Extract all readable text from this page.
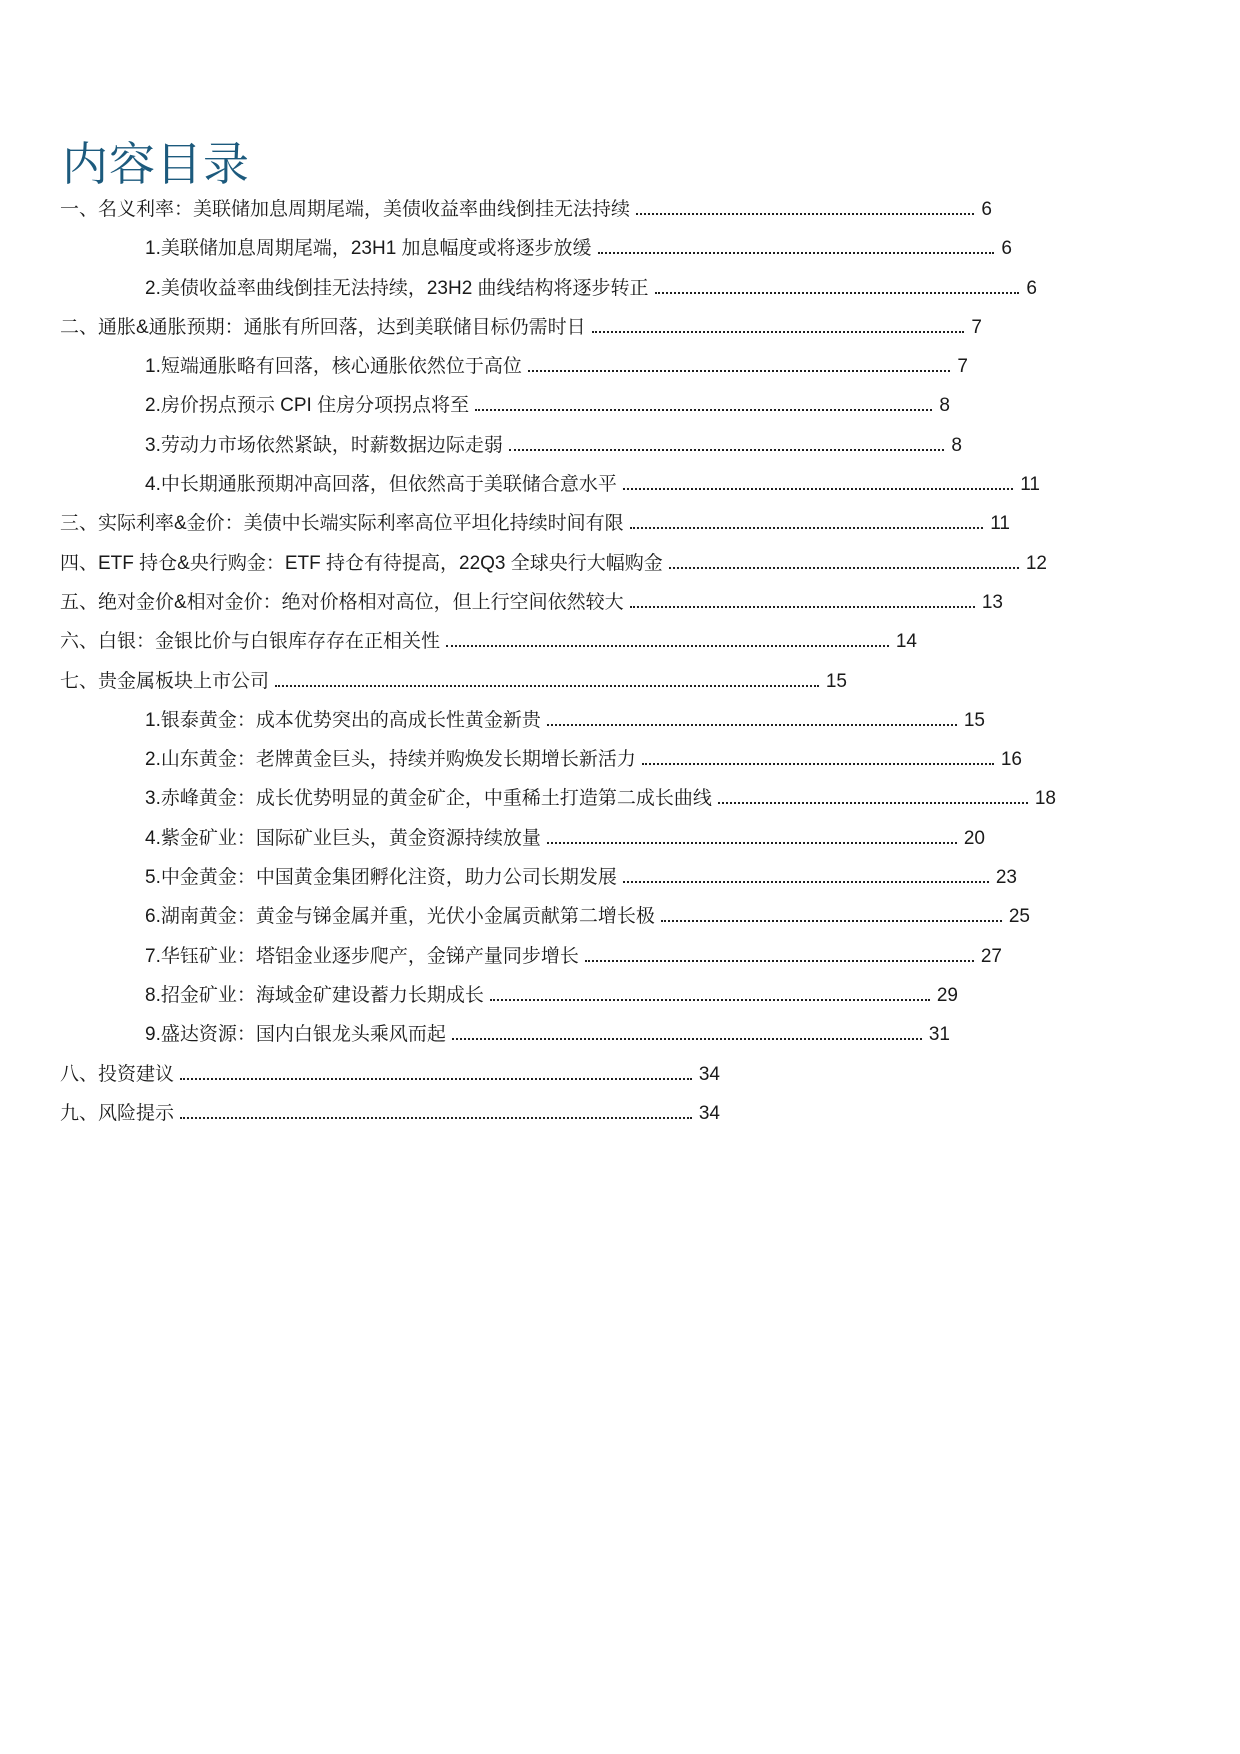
内容目录
一、名义利率：美联储加息周期尾端，美债收益率曲线倒挂无法持续	6
1.美联储加息周期尾端，23H1 加息幅度或将逐步放缓	6
2.美债收益率曲线倒挂无法持续，23H2 曲线结构将逐步转正	6
二、通胀&通胀预期：通胀有所回落，达到美联储目标仍需时日	7
1.短端通胀略有回落，核心通胀依然位于高位	7
2.房价拐点预示 CPI 住房分项拐点将至	8
3.劳动力市场依然紧缺，时薪数据边际走弱	8
4.中长期通胀预期冲高回落，但依然高于美联储合意水平	11
三、实际利率&金价：美债中长端实际利率高位平坦化持续时间有限	11
四、ETF 持仓&央行购金：ETF 持仓有待提高，22Q3 全球央行大幅购金	12
五、绝对金价&相对金价：绝对价格相对高位，但上行空间依然较大	13
六、白银：金银比价与白银库存存在正相关性	14
七、贵金属板块上市公司	15
1.银泰黄金：成本优势突出的高成长性黄金新贵	15
2.山东黄金：老牌黄金巨头，持续并购焕发长期增长新活力	16
3.赤峰黄金：成长优势明显的黄金矿企，中重稀土打造第二成长曲线	18
4.紫金矿业：国际矿业巨头，黄金资源持续放量	20
5.中金黄金：中国黄金集团孵化注资，助力公司长期发展	23
6.湖南黄金：黄金与锑金属并重，光伏小金属贡献第二增长极	25
7.华钰矿业：塔铝金业逐步爬产，金锑产量同步增长	27
8.招金矿业：海域金矿建设蓄力长期成长	29
9.盛达资源：国内白银龙头乘风而起	31
八、投资建议	34
九、风险提示	34
